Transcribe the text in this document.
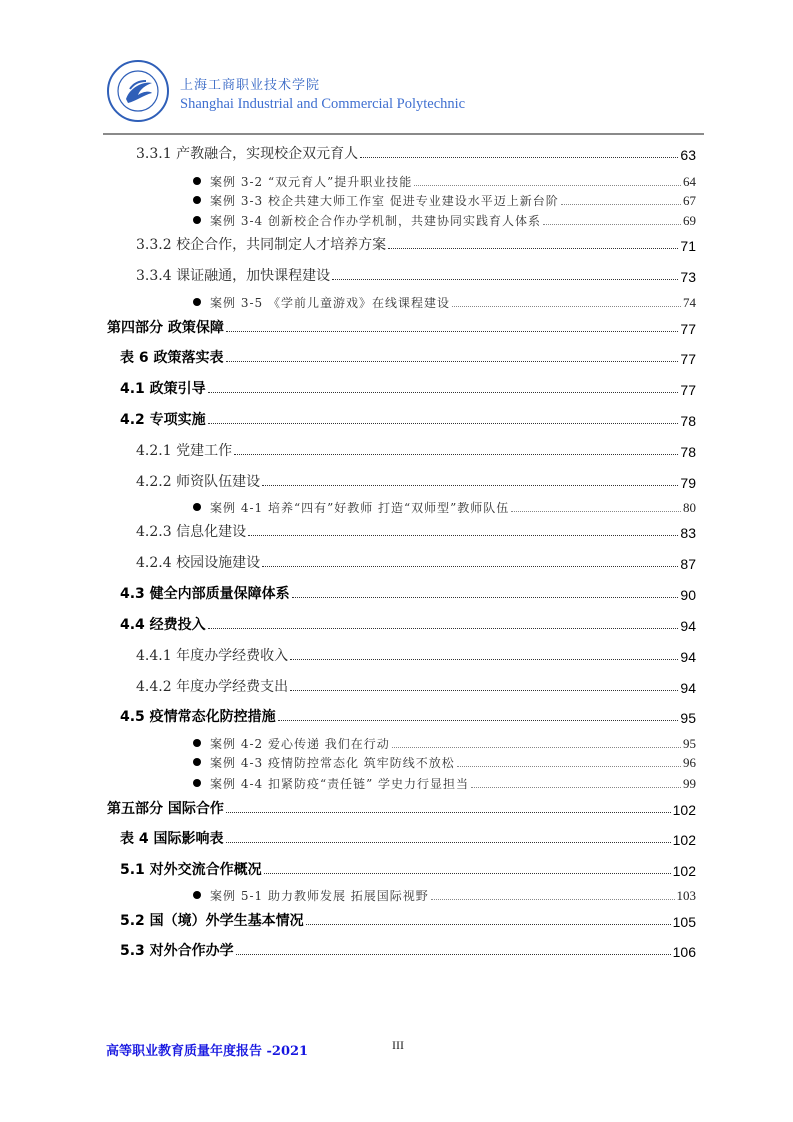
上海工商职业技术学院
Shanghai Industrial and Commercial Polytechnic
3.3.1 产教融合，实现校企双元育人	63
案例 3-2 “双元育人”提升职业技能	64
案例 3-3 校企共建大师工作室 促进专业建设水平迈上新台阶	67
案例 3-4 创新校企合作办学机制，共建协同实践育人体系	69
3.3.2 校企合作，共同制定人才培养方案	71
3.3.4 课证融通，加快课程建设	73
案例 3-5 《学前儿童游戏》在线课程建设	74
第四部分 政策保障	77
表 6 政策落实表	77
4.1 政策引导	77
4.2 专项实施	78
4.2.1 党建工作	78
4.2.2 师资队伍建设	79
案例 4-1 培养“四有”好教师 打造“双师型”教师队伍	80
4.2.3 信息化建设	83
4.2.4 校园设施建设	87
4.3 健全内部质量保障体系	90
4.4 经费投入	94
4.4.1 年度办学经费收入	94
4.4.2 年度办学经费支出	94
4.5 疫情常态化防控措施	95
案例 4-2 爱心传递 我们在行动	95
案例 4-3 疫情防控常态化 筑牢防线不放松	96
案例 4-4 扣紧防疫“责任链” 学史力行显担当	99
第五部分 国际合作	102
表 4 国际影响表	102
5.1 对外交流合作概况	102
案例 5-1 助力教师发展 拓展国际视野	103
5.2 国（境）外学生基本情况	105
5.3 对外合作办学	106
高等职业教育质量年度报告 -2021	III
